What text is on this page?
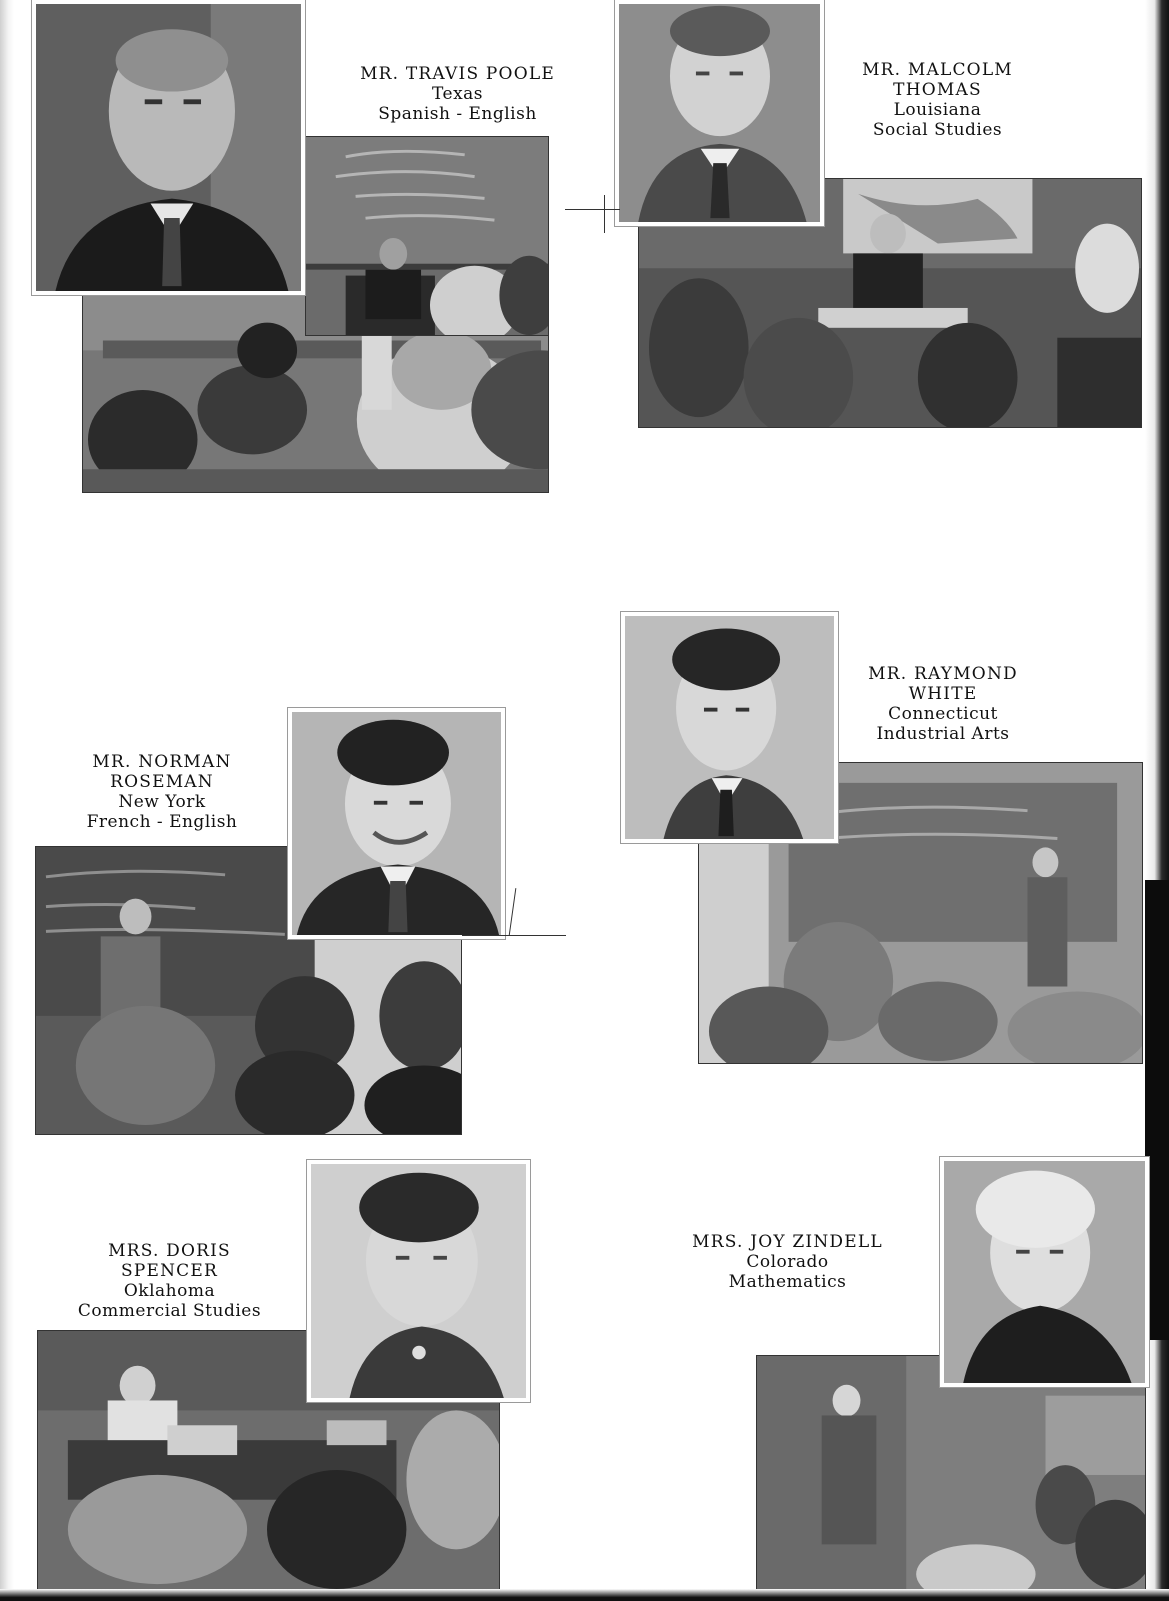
MR. TRAVIS POOLE
Texas
Spanish - English
MR. MALCOLM
THOMAS
Louisiana
Social Studies
MR. RAYMOND
WHITE
Connecticut
Industrial Arts
MR. NORMAN
ROSEMAN
New York
French - English
MRS. DORIS
SPENCER
Oklahoma
Commercial Studies
MRS. JOY ZINDELL
Colorado
Mathematics
